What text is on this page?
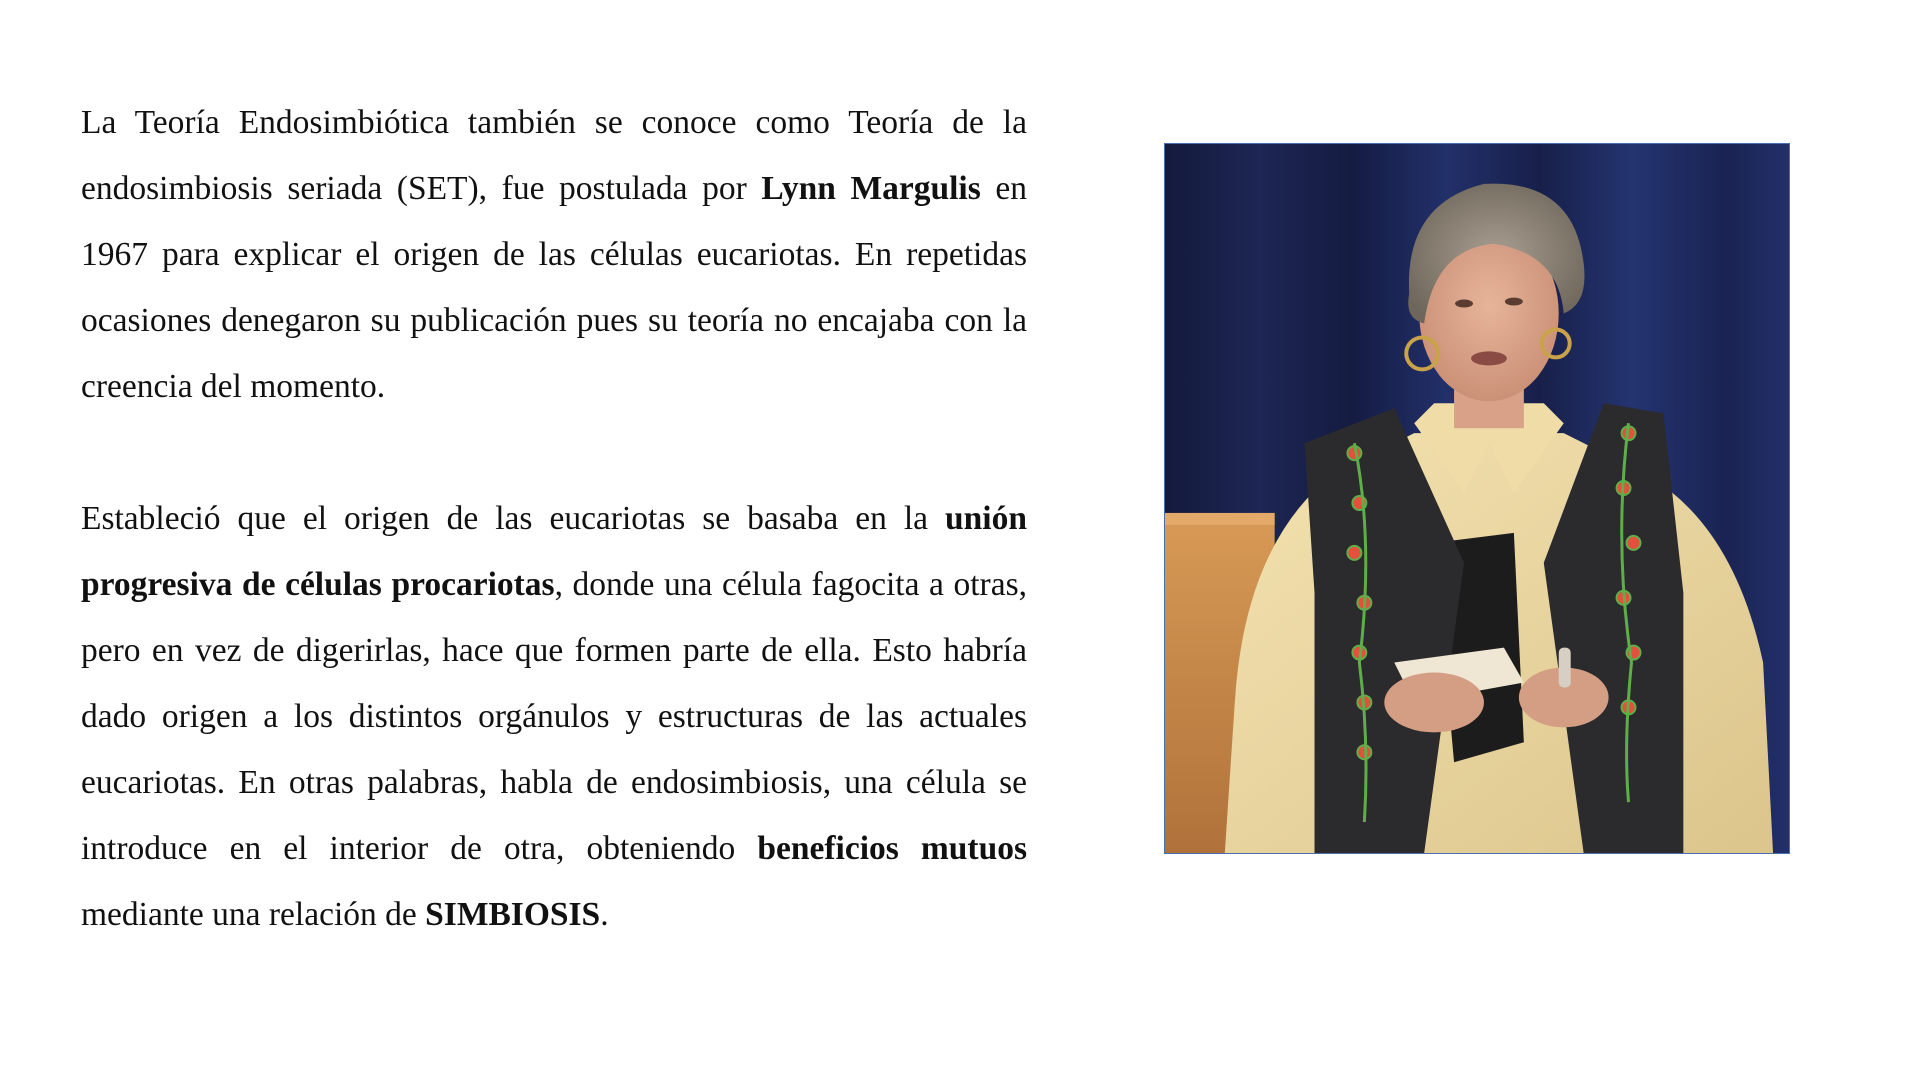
La Teoría Endosimbiótica también se conoce como Teoría de la endosimbiosis seriada (SET), fue postulada por Lynn Margulis en 1967 para explicar el origen de las células eucariotas. En repetidas ocasiones denegaron su publicación pues su teoría no encajaba con la creencia del momento.

Estableció que el origen de las eucariotas se basaba en la unión progresiva de células procariotas, donde una célula fagocita a otras, pero en vez de digerirlas, hace que formen parte de ella. Esto habría dado origen a los distintos orgánulos y estructuras de las actuales eucariotas. En otras palabras, habla de endosimbiosis, una célula se introduce en el interior de otra, obteniendo beneficios mutuos mediante una relación de SIMBIOSIS.
